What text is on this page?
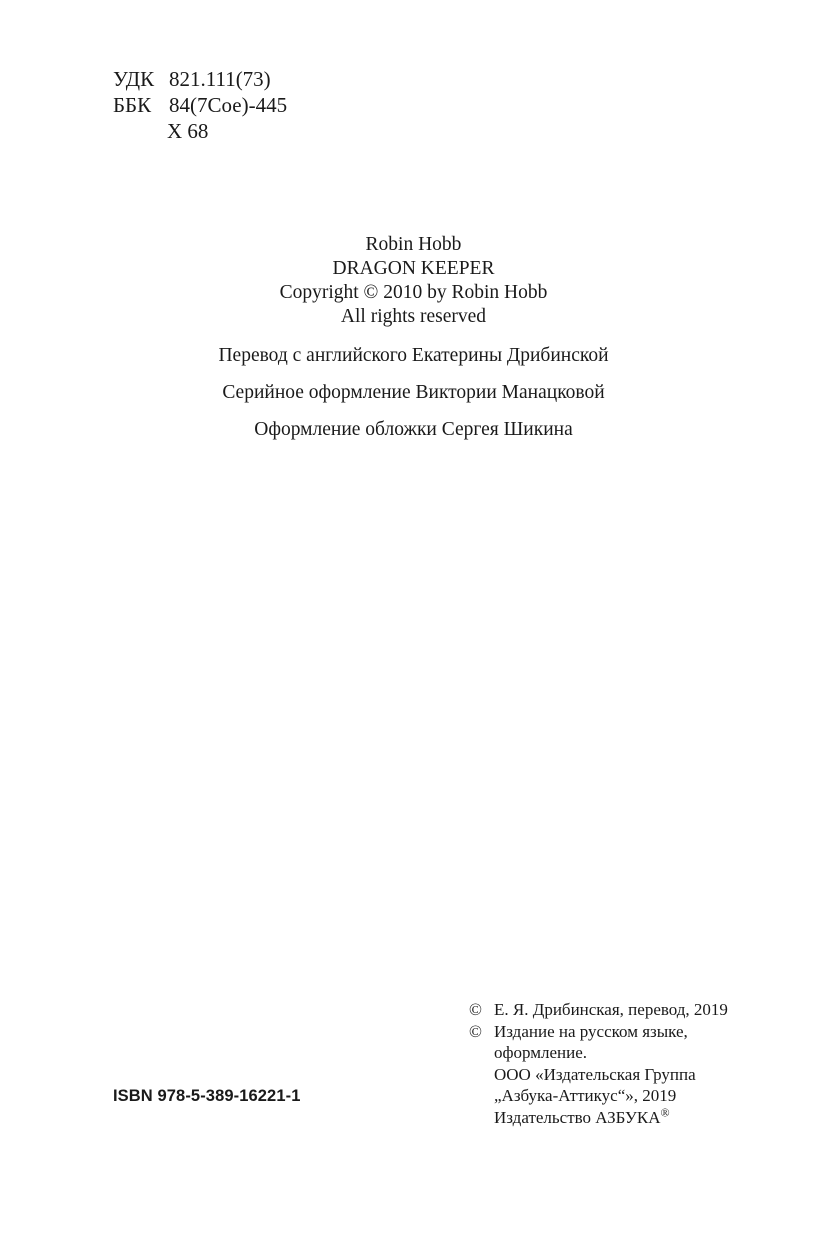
УДК 821.111(73)
ББК 84(7Сое)-445
Х 68
Robin Hobb
DRAGON KEEPER
Copyright © 2010 by Robin Hobb
All rights reserved
Перевод с английского Екатерины Дрибинской
Серийное оформление Виктории Манацковой
Оформление обложки Сергея Шикина
© Е. Я. Дрибинская, перевод, 2019
© Издание на русском языке,
оформление.
ООО «Издательская Группа
„Азбука-Аттикус“», 2019
Издательство АЗБУКА®
ISBN 978-5-389-16221-1
